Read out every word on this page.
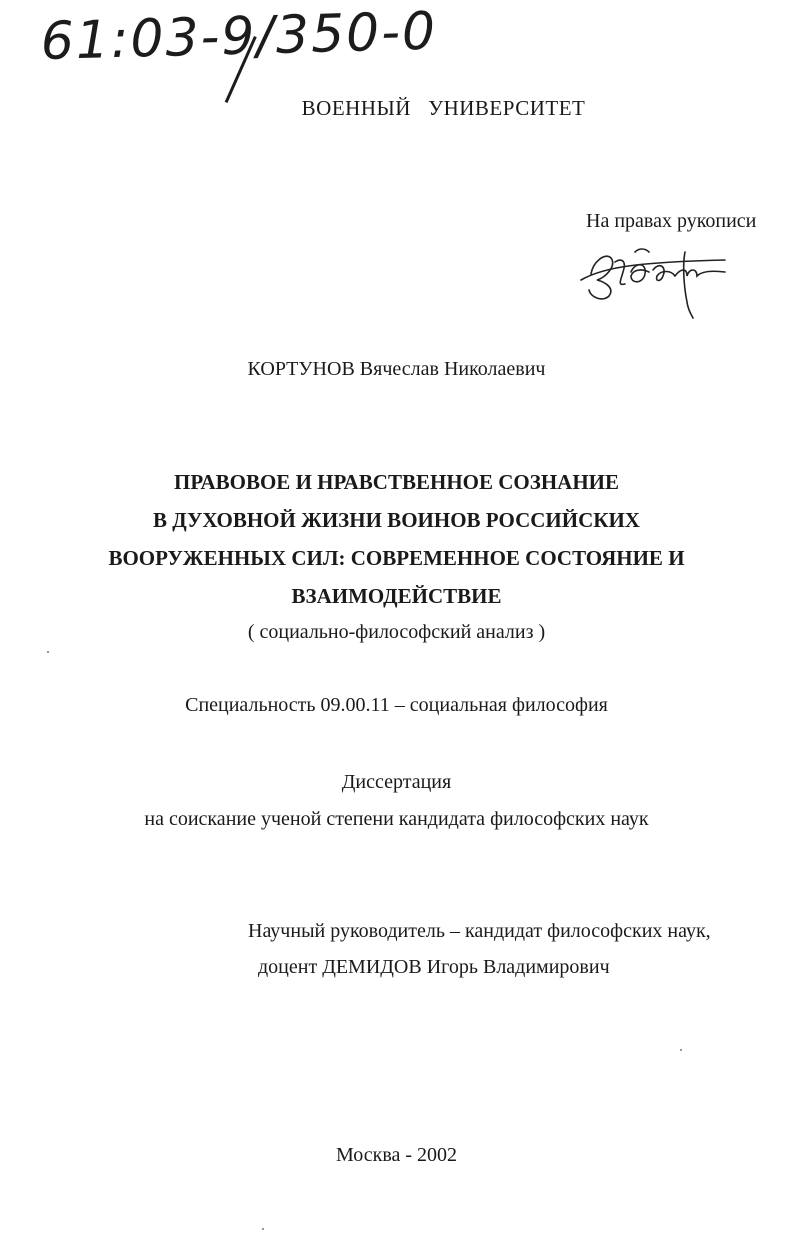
61:03-9/350-0

ВОЕННЫЙ УНИВЕРСИТЕТ

На правах рукописи

КОРТУНОВ Вячеслав Николаевич

ПРАВОВОЕ И НРАВСТВЕННОЕ СОЗНАНИЕ

В ДУХОВНОЙ ЖИЗНИ ВОИНОВ РОССИЙСКИХ

ВООРУЖЕННЫХ СИЛ: СОВРЕМЕННОЕ СОСТОЯНИЕ И

ВЗАИМОДЕЙСТВИЕ

( социально-философский анализ )

Специальность 09.00.11 – социальная философия

Диссертация

на соискание ученой степени кандидата философских наук

Научный руководитель – кандидат философских наук,

доцент ДЕМИДОВ Игорь Владимирович

Москва - 2002
